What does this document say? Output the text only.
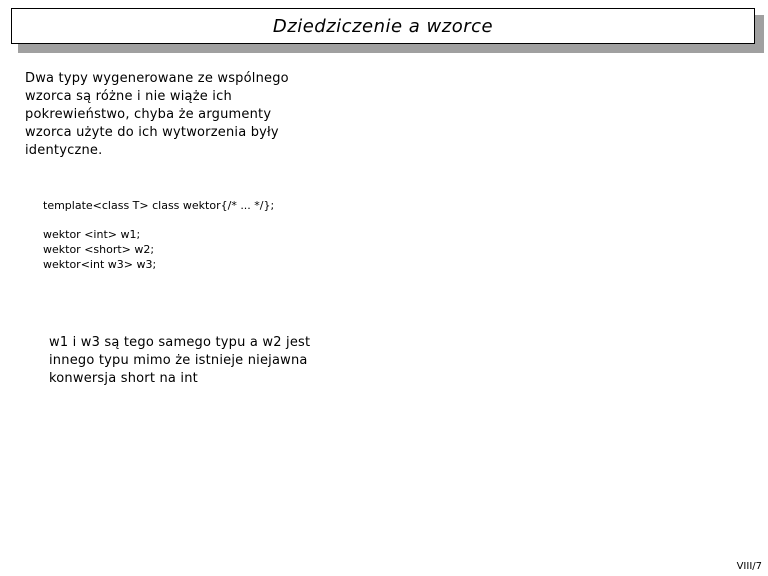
Dziedziczenie a wzorce
Dwa typy wygenerowane ze wspólnego
wzorca są różne i nie wiąże ich
pokrewieństwo, chyba że argumenty
wzorca użyte do ich wytworzenia były
identyczne.
template<class T> class wektor{/* ... */};
wektor <int> w1;
wektor <short> w2;
wektor<int w3> w3;
w1 i w3 są tego samego typu a w2 jest
innego typu mimo że istnieje niejawna
konwersja short na int
VIII/7
